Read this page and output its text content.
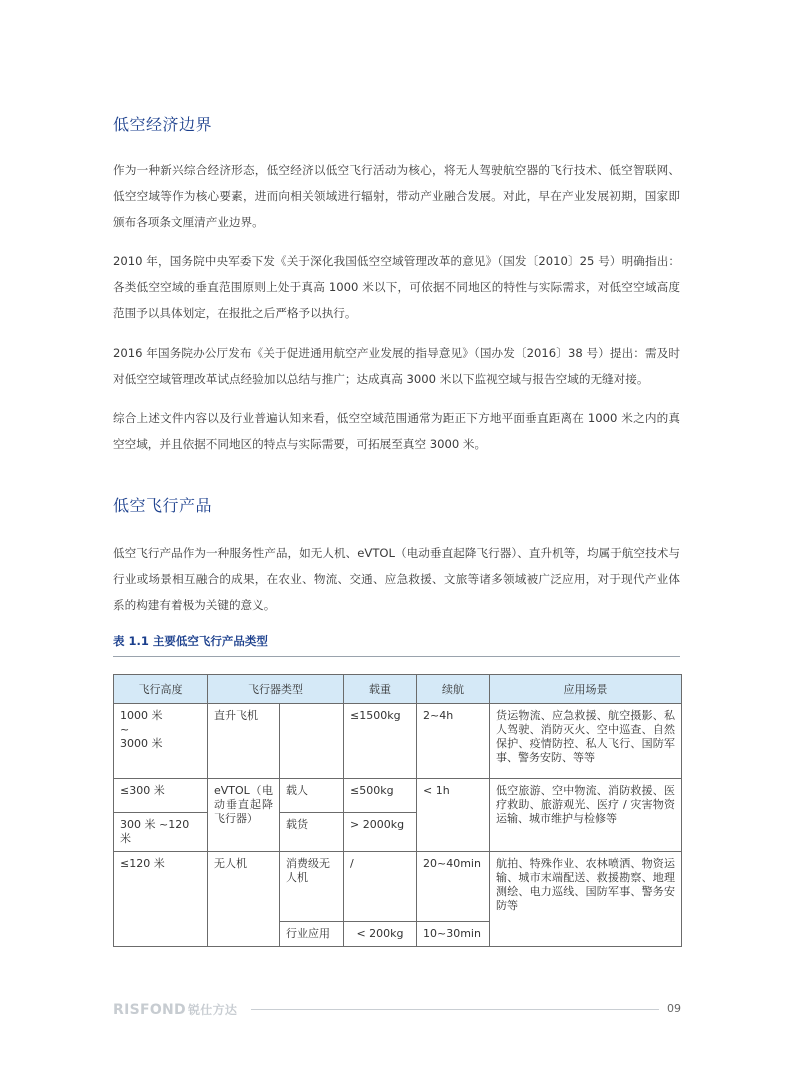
低空经济边界

作为一种新兴综合经济形态，低空经济以低空飞行活动为核心，将无人驾驶航空器的飞行技术、低空智联网、低空空域等作为核心要素，进而向相关领域进行辐射，带动产业融合发展。对此，早在产业发展初期，国家即颁布各项条文厘清产业边界。

2010 年，国务院中央军委下发《关于深化我国低空空域管理改革的意见》（国发〔2010〕25 号）明确指出：各类低空空域的垂直范围原则上处于真高 1000 米以下，可依据不同地区的特性与实际需求，对低空空域高度范围予以具体划定，在报批之后严格予以执行。

2016 年国务院办公厅发布《关于促进通用航空产业发展的指导意见》（国办发〔2016〕38 号）提出：需及时对低空空域管理改革试点经验加以总结与推广；达成真高 3000 米以下监视空域与报告空域的无缝对接。

综合上述文件内容以及行业普遍认知来看，低空空域范围通常为距正下方地平面垂直距离在 1000 米之内的真空空域，并且依据不同地区的特点与实际需要，可拓展至真空 3000 米。

低空飞行产品

低空飞行产品作为一种服务性产品，如无人机、eVTOL（电动垂直起降飞行器）、直升机等，均属于航空技术与行业或场景相互融合的成果，在农业、物流、交通、应急救援、文旅等诸多领域被广泛应用，对于现代产业体系的构建有着极为关键的意义。

表 1.1 主要低空飞行产品类型

飞行高度	飞行器类型		载重	续航	应用场景
1000 米
~
3000 米	直升飞机		≤1500kg	2~4h	货运物流、应急救援、航空摄影、私人驾驶、消防灭火、空中巡查、自然保护、疫情防控、私人飞行、国防军事、警务安防、等等
≤300 米	eVTOL（电动垂直起降飞行器）	载人	≤500kg	< 1h	低空旅游、空中物流、消防救援、医疗救助、旅游观光、医疗 / 灾害物资运输、城市维护与检修等
300 米 ~120 米		载货	> 2000kg		
≤120 米	无人机	消费级无人机	/	20~40min	航拍、特殊作业、农林喷洒、物资运输、城市末端配送、救援勘察、地理测绘、电力巡线、国防军事、警务安防等
		行业应用	< 200kg	10~30min	
RISFOND 锐仕方达	09
